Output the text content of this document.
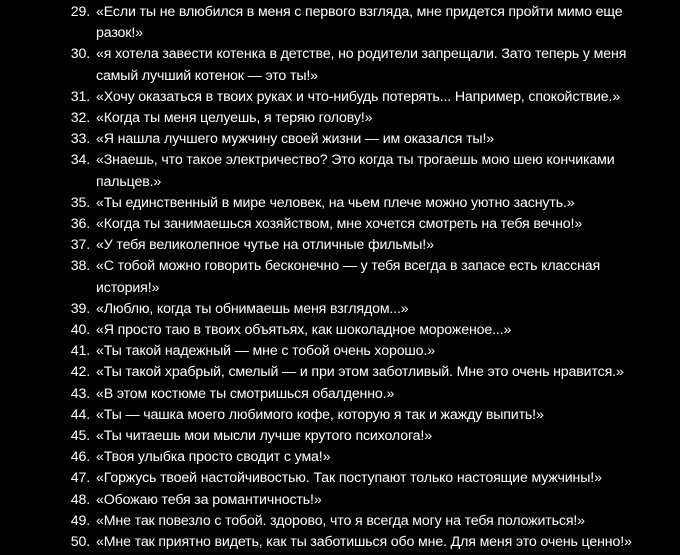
29. «Если ты не влюбился в меня с первого взгляда, мне придется пройти мимо еще разок!»
30. «я хотела завести котенка в детстве, но родители запрещали. Зато теперь у меня самый лучший котенок — это ты!»
31. «Хочу оказаться в твоих руках и что-нибудь потерять... Например, спокойствие.»
32. «Когда ты меня целуешь, я теряю голову!»
33. «Я нашла лучшего мужчину своей жизни — им оказался ты!»
34. «Знаешь, что такое электричество? Это когда ты трогаешь мою шею кончиками пальцев.»
35. «Ты единственный в мире человек, на чьем плече можно уютно заснуть.»
36. «Когда ты занимаешься хозяйством, мне хочется смотреть на тебя вечно!»
37. «У тебя великолепное чутье на отличные фильмы!»
38. «С тобой можно говорить бесконечно — у тебя всегда в запасе есть классная история!»
39. «Люблю, когда ты обнимаешь меня взглядом...»
40. «Я просто таю в твоих объятьях, как шоколадное мороженое...»
41. «Ты такой надежный — мне с тобой очень хорошо.»
42. «Ты такой храбрый, смелый — и при этом заботливый. Мне это очень нравится.»
43. «В этом костюме ты смотришься обалденно.»
44. «Ты — чашка моего любимого кофе, которую я так и жажду выпить!»
45. «Ты читаешь мои мысли лучше крутого психолога!»
46. «Твоя улыбка просто сводит с ума!»
47. «Горжусь твоей настойчивостью. Так поступают только настоящие мужчины!»
48. «Обожаю тебя за романтичность!»
49. «Мне так повезло с тобой. здорово, что я всегда могу на тебя положиться!»
50. «Мне так приятно видеть, как ты заботишься обо мне. Для меня это очень ценно!»
